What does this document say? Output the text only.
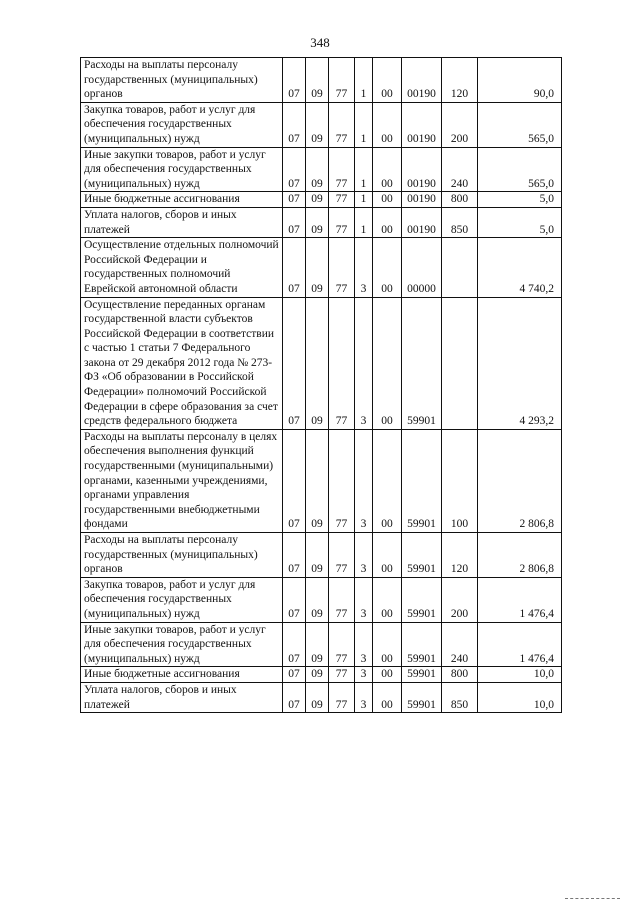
348
Расходы на выплаты персоналу государственных (муниципальных) органов	07	09	77	1	00	00190	120	90,0
Закупка товаров, работ и услуг для обеспечения государственных (муниципальных) нужд	07	09	77	1	00	00190	200	565,0
Иные закупки товаров, работ и услуг для обеспечения государственных (муниципальных) нужд	07	09	77	1	00	00190	240	565,0
Иные бюджетные ассигнования	07	09	77	1	00	00190	800	5,0
Уплата налогов, сборов и иных платежей	07	09	77	1	00	00190	850	5,0
Осуществление отдельных полномочий Российской Федерации и государственных полномочий Еврейской автономной области	07	09	77	3	00	00000		4 740,2
Осуществление переданных органам государственной власти субъектов Российской Федерации в соответствии с частью 1 статьи 7 Федерального закона от 29 декабря 2012 года № 273-ФЗ «Об образовании в Российской Федерации» полномочий Российской Федерации в сфере образования за счет средств федерального бюджета	07	09	77	3	00	59901		4 293,2
Расходы на выплаты персоналу в целях обеспечения выполнения функций государственными (муниципальными) органами, казенными учреждениями, органами управления государственными внебюджетными фондами	07	09	77	3	00	59901	100	2 806,8
Расходы на выплаты персоналу государственных (муниципальных) органов	07	09	77	3	00	59901	120	2 806,8
Закупка товаров, работ и услуг для обеспечения государственных (муниципальных) нужд	07	09	77	3	00	59901	200	1 476,4
Иные закупки товаров, работ и услуг для обеспечения государственных (муниципальных) нужд	07	09	77	3	00	59901	240	1 476,4
Иные бюджетные ассигнования	07	09	77	3	00	59901	800	10,0
Уплата налогов, сборов и иных платежей	07	09	77	3	00	59901	850	10,0
